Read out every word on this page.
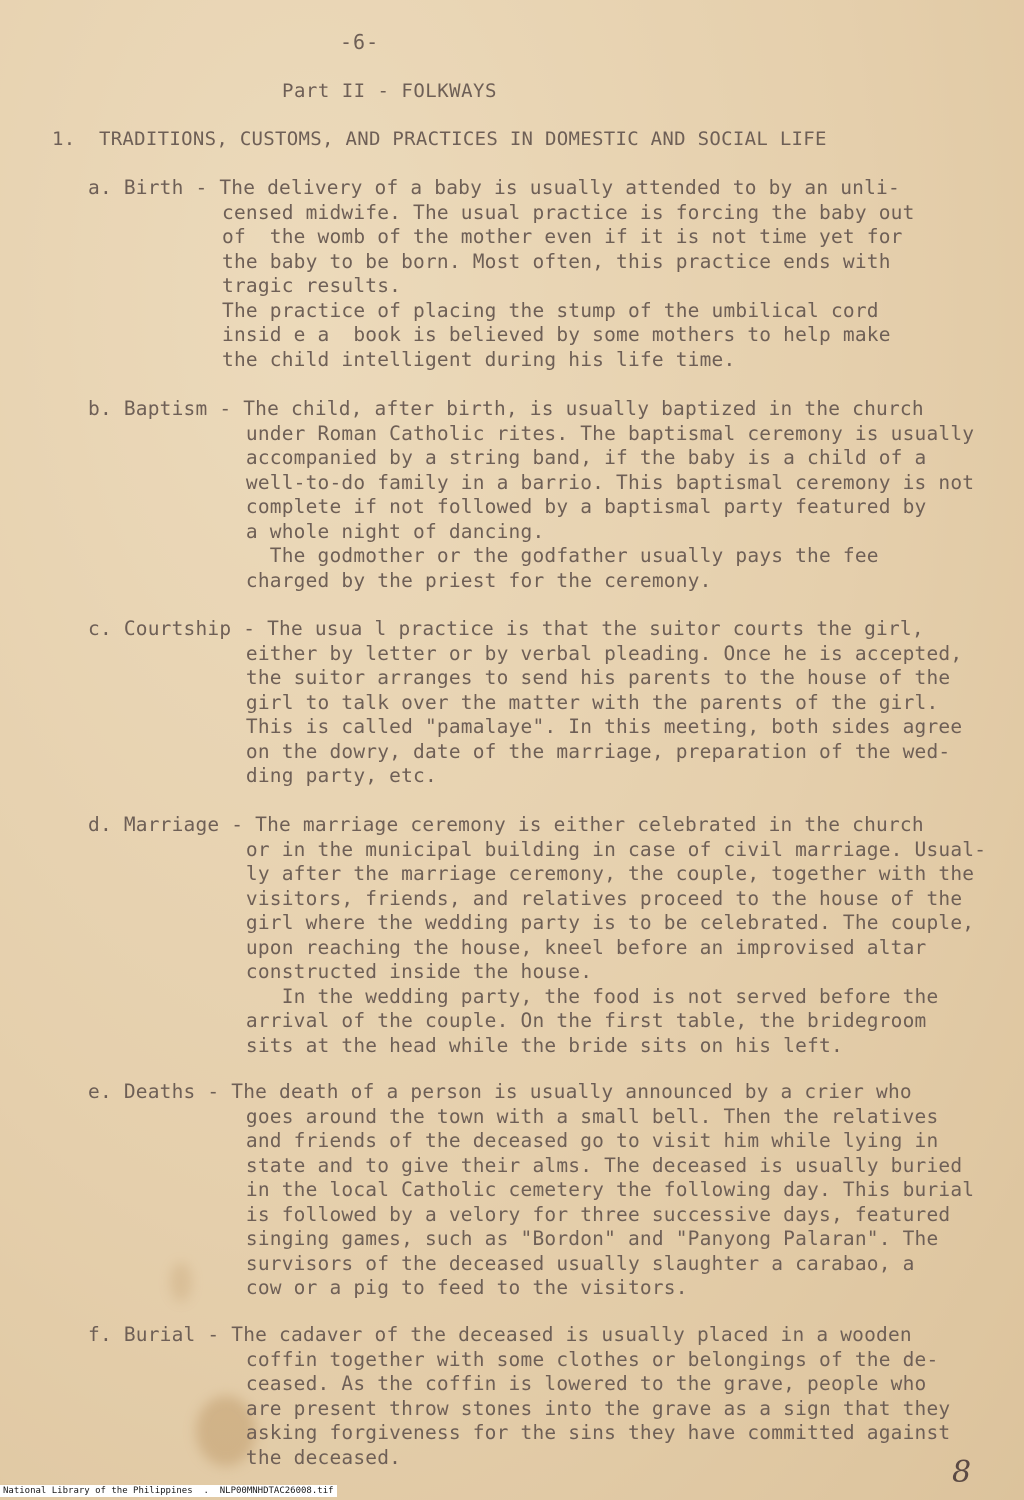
-6-
Part II - FOLKWAYS
1.  TRADITIONS, CUSTOMS, AND PRACTICES IN DOMESTIC AND SOCIAL LIFE
a. Birth - The delivery of a baby is usually attended to by an unli-
censed midwife. The usual practice is forcing the baby out
of  the womb of the mother even if it is not time yet for
the baby to be born. Most often, this practice ends with
tragic results.
The practice of placing the stump of the umbilical cord
insid e a  book is believed by some mothers to help make
the child intelligent during his life time.
b. Baptism - The child, after birth, is usually baptized in the church
under Roman Catholic rites. The baptismal ceremony is usually
accompanied by a string band, if the baby is a child of a
well-to-do family in a barrio. This baptismal ceremony is not
complete if not followed by a baptismal party featured by
a whole night of dancing.
The godmother or the godfather usually pays the fee
charged by the priest for the ceremony.
c. Courtship - The usua l practice is that the suitor courts the girl,
either by letter or by verbal pleading. Once he is accepted,
the suitor arranges to send his parents to the house of the
girl to talk over the matter with the parents of the girl.
This is called "pamalaye". In this meeting, both sides agree
on the dowry, date of the marriage, preparation of the wed-
ding party, etc.
d. Marriage - The marriage ceremony is either celebrated in the church
or in the municipal building in case of civil marriage. Usual-
ly after the marriage ceremony, the couple, together with the
visitors, friends, and relatives proceed to the house of the
girl where the wedding party is to be celebrated. The couple,
upon reaching the house, kneel before an improvised altar
constructed inside the house.
In the wedding party, the food is not served before the
arrival of the couple. On the first table, the bridegroom
sits at the head while the bride sits on his left.
e. Deaths - The death of a person is usually announced by a crier who
goes around the town with a small bell. Then the relatives
and friends of the deceased go to visit him while lying in
state and to give their alms. The deceased is usually buried
in the local Catholic cemetery the following day. This burial
is followed by a velory for three successive days, featured
singing games, such as "Bordon" and "Panyong Palaran". The
survisors of the deceased usually slaughter a carabao, a
cow or a pig to feed to the visitors.
f. Burial - The cadaver of the deceased is usually placed in a wooden
coffin together with some clothes or belongings of the de-
ceased. As the coffin is lowered to the grave, people who
are present throw stones into the grave as a sign that they
asking forgiveness for the sins they have committed against
the deceased.	8
National Library of the Philippines  .  NLP00MNHDTAC26008.tif
